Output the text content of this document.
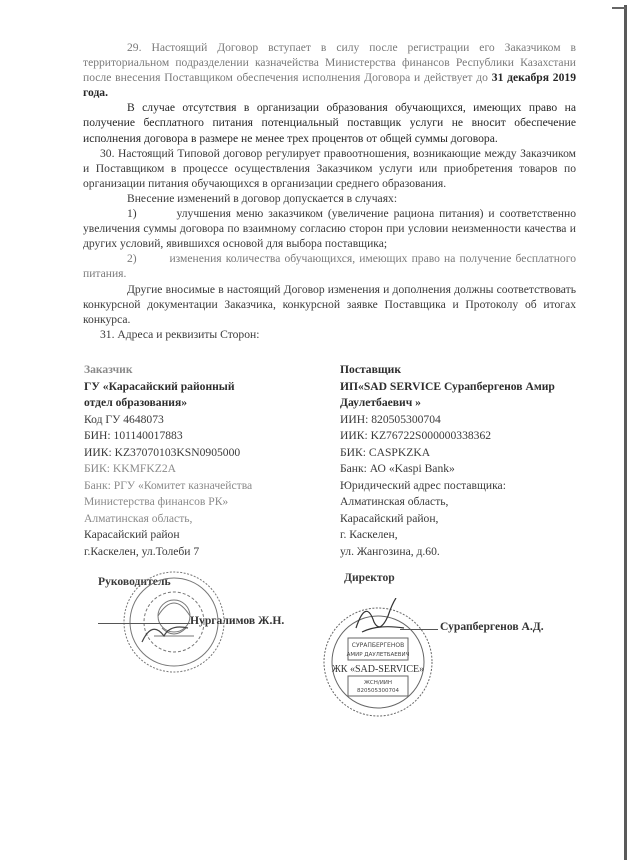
29. Настоящий Договор вступает в силу после регистрации его Заказчиком в территориальном подразделении казначейства Министерства финансов Республики Казахстани после внесения Поставщиком обеспечения исполнения Договора и действует до 31 декабря 2019 года.

В случае отсутствия в организации образования обучающихся, имеющих право на получение бесплатного питания потенциальный поставщик услуги не вносит обеспечение исполнения договора в размере не менее трех процентов от общей суммы договора.

30. Настоящий Типовой договор регулирует правоотношения, возникающие между Заказчиком и Поставщиком в процессе осуществления Заказчиком услуги или приобретения товаров по организации питания обучающихся в организации среднего образования.

Внесение изменений в договор допускается в случаях:

1)	улучшения меню заказчиком (увеличение рациона питания) и соответственно увеличения суммы договора по взаимному согласию сторон при условии неизменности качества и других условий, явившихся основой для выбора поставщика;

2)	изменения количества обучающихся, имеющих право на получение бесплатного питания.

Другие вносимые в настоящий Договор изменения и дополнения должны соответствовать конкурсной документации Заказчика, конкурсной заявке Поставщика и Протоколу об итогах конкурса.

31. Адреса и реквизиты Сторон:

Заказчик
ГУ «Карасайский районный
отдел образования»
Код ГУ 4648073
БИН: 101140017883
ИИК: KZ37070103KSN0905000
БИК: KKMFKZ2A
Банк: РГУ «Комитет казначейства
Министерства финансов РК»
Алматинская область,
Карасайский район
г.Каскелен, ул.Толеби 7
Поставщик
ИП«SAD SERVICE Сурапбергенов Амир
Даулетбаевич »
ИИН: 820505300704
ИИК: KZ76722S000000338362
БИК: CASPKZKA
Банк: АО «Kaspi Bank»
Юридический адрес поставщика:
Алматинская область,
Карасайский район,
г. Каскелен,
ул. Жангозина, д.60.
Руководитель
Нургалимов Ж.Н.
Директор
СУРАПБЕРГЕНОВ
АМИР ДАУЛЕТБАЕВИЧ
ЖК «SAD-SERVICE»
ЖСН/ИИН
820505300704
Сурапбергенов А.Д.
